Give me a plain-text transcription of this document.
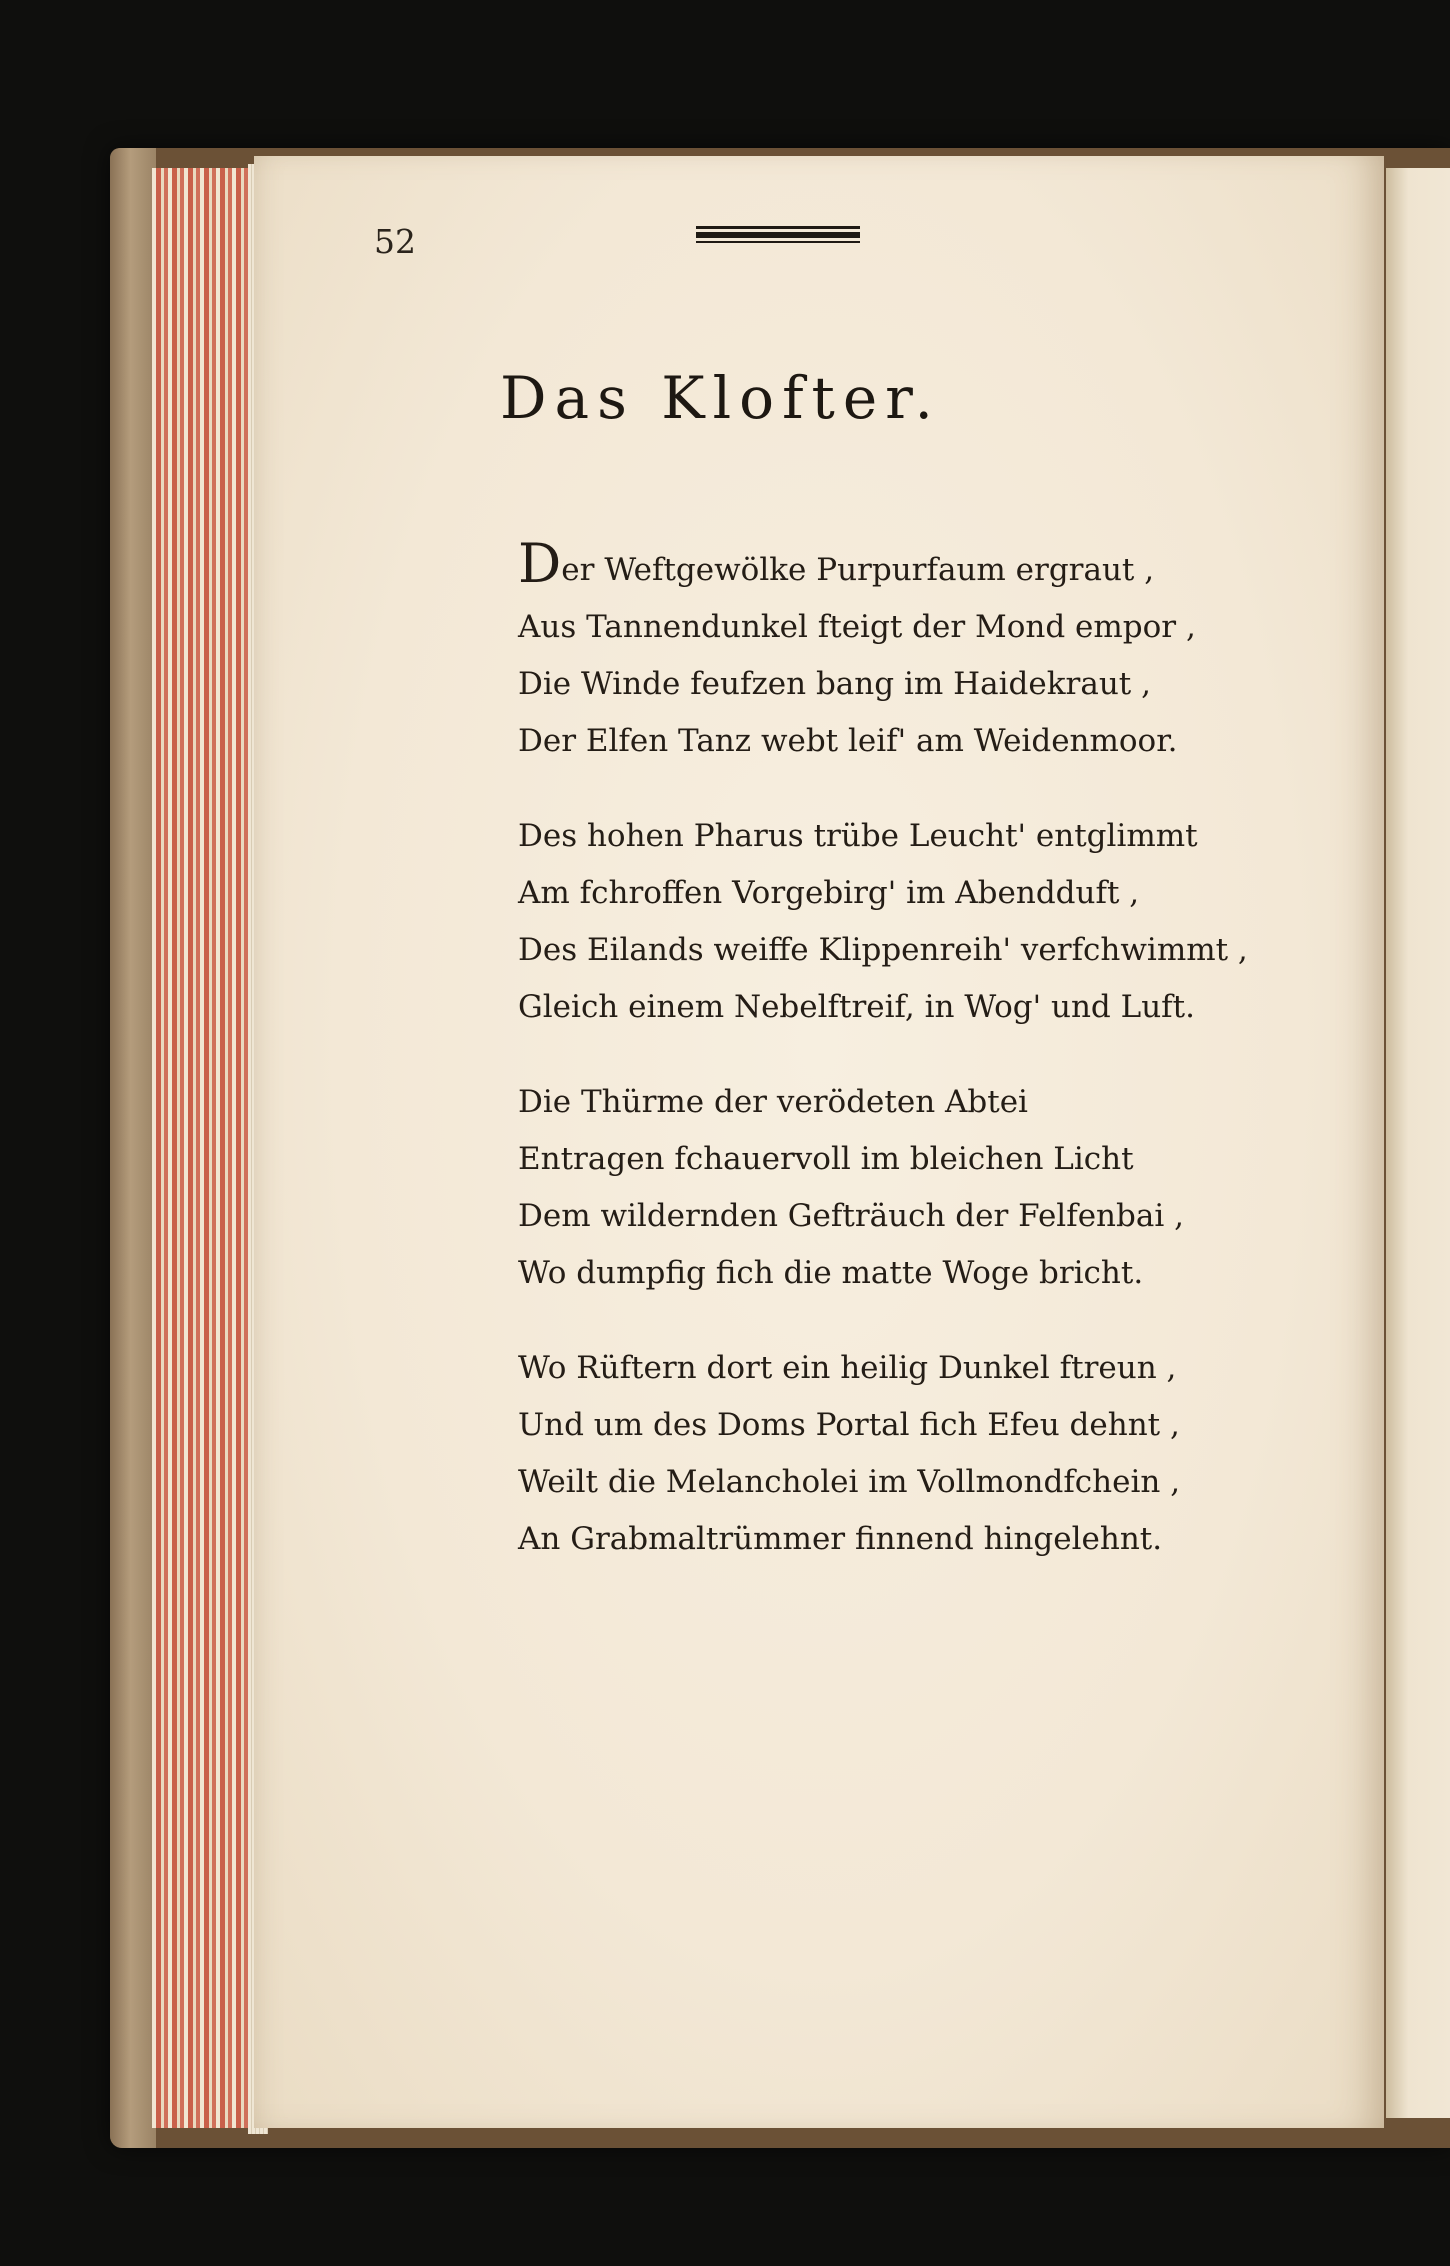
52

Das Klofter.
Der Weftgewölke Purpurfaum ergraut ,
Aus Tannendunkel fteigt der Mond empor ,
Die Winde feufzen bang im Haidekraut ,
Der Elfen Tanz webt leif' am Weidenmoor.
Des hohen Pharus trübe Leucht' entglimmt
Am fchroffen Vorgebirg' im Abendduft ,
Des Eilands weiffe Klippenreih' verfchwimmt ,
Gleich einem Nebelftreif, in Wog' und Luft.
Die Thürme der verödeten Abtei
Entragen fchauervoll im bleichen Licht
Dem wildernden Gefträuch der Felfenbai ,
Wo dumpfig fich die matte Woge bricht.
Wo Rüftern dort ein heilig Dunkel ftreun ,
Und um des Doms Portal fich Efeu dehnt ,
Weilt die Melancholei im Vollmondfchein ,
An Grabmaltrümmer finnend hingelehnt.
